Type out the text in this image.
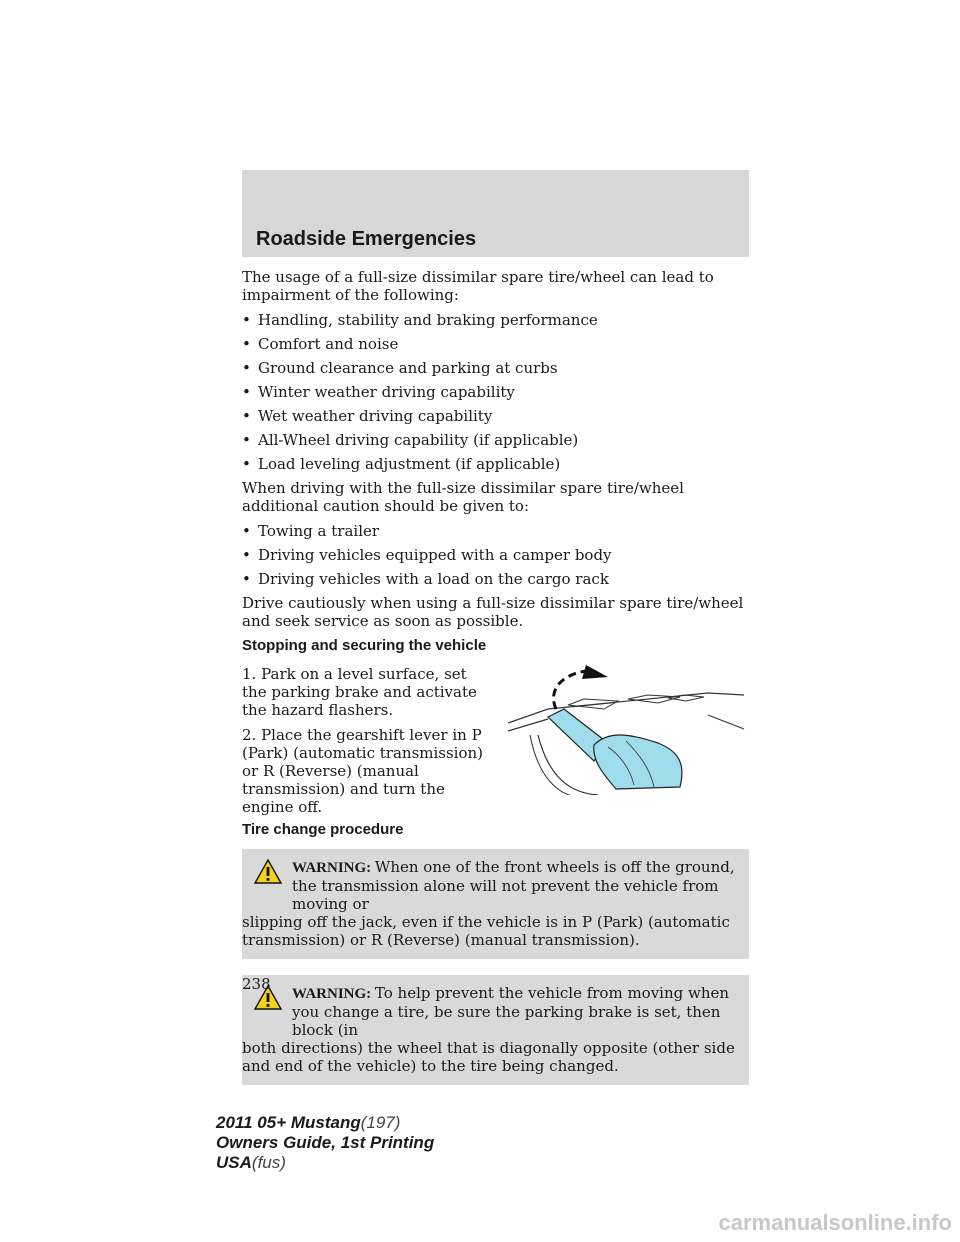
Roadside Emergencies

The usage of a full-size dissimilar spare tire/wheel can lead to impairment of the following:

• Handling, stability and braking performance
• Comfort and noise
• Ground clearance and parking at curbs
• Winter weather driving capability
• Wet weather driving capability
• All-Wheel driving capability (if applicable)
• Load leveling adjustment (if applicable)

When driving with the full-size dissimilar spare tire/wheel additional caution should be given to:

• Towing a trailer
• Driving vehicles equipped with a camper body
• Driving vehicles with a load on the cargo rack

Drive cautiously when using a full-size dissimilar spare tire/wheel and seek service as soon as possible.

Stopping and securing the vehicle

1. Park on a level surface, set the parking brake and activate the hazard flashers.

2. Place the gearshift lever in P (Park) (automatic transmission) or R (Reverse) (manual transmission) and turn the engine off.

Tire change procedure

WARNING: When one of the front wheels is off the ground, the transmission alone will not prevent the vehicle from moving or
slipping off the jack, even if the vehicle is in P (Park) (automatic transmission) or R (Reverse) (manual transmission).

WARNING: To help prevent the vehicle from moving when you change a tire, be sure the parking brake is set, then block (in
both directions) the wheel that is diagonally opposite (other side and end of the vehicle) to the tire being changed.

238
2011 05+ Mustang(197)
Owners Guide, 1st Printing
USA(fus)
carmanualsonline.info
